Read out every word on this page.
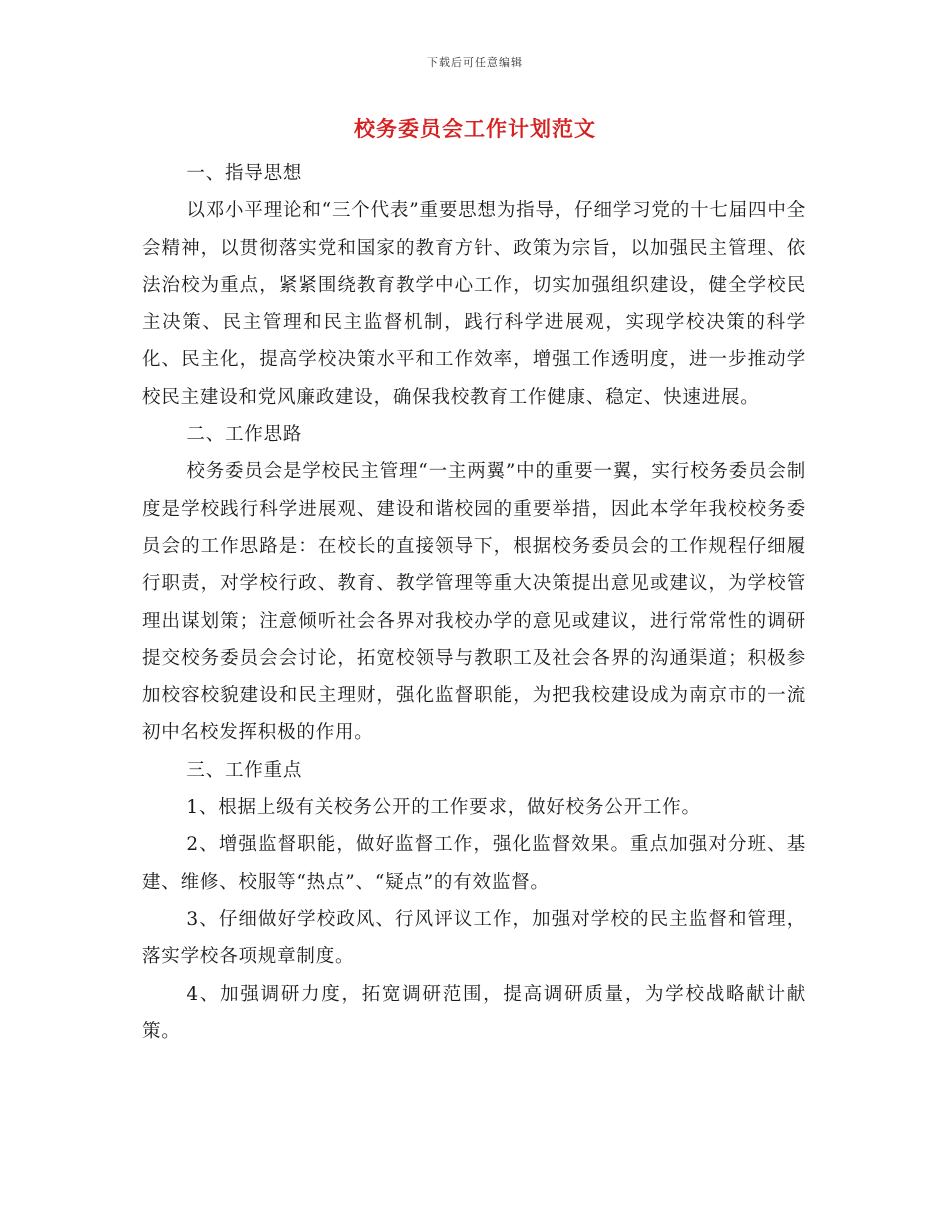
下载后可任意编辑
校务委员会工作计划范文

一、指导思想

以邓小平理论和“三个代表”重要思想为指导，仔细学习党的十七届四中全会精神，以贯彻落实党和国家的教育方针、政策为宗旨，以加强民主管理、依法治校为重点，紧紧围绕教育教学中心工作，切实加强组织建设，健全学校民主决策、民主管理和民主监督机制，践行科学进展观，实现学校决策的科学化、民主化，提高学校决策水平和工作效率，增强工作透明度，进一步推动学校民主建设和党风廉政建设，确保我校教育工作健康、稳定、快速进展。

二、工作思路

校务委员会是学校民主管理“一主两翼”中的重要一翼，实行校务委员会制度是学校践行科学进展观、建设和谐校园的重要举措，因此本学年我校校务委员会的工作思路是：在校长的直接领导下，根据校务委员会的工作规程仔细履行职责，对学校行政、教育、教学管理等重大决策提出意见或建议，为学校管理出谋划策；注意倾听社会各界对我校办学的意见或建议，进行常常性的调研提交校务委员会会讨论，拓宽校领导与教职工及社会各界的沟通渠道；积极参加校容校貌建设和民主理财，强化监督职能，为把我校建设成为南京市的一流初中名校发挥积极的作用。

三、工作重点

1、根据上级有关校务公开的工作要求，做好校务公开工作。

2、增强监督职能，做好监督工作，强化监督效果。重点加强对分班、基建、维修、校服等“热点”、“疑点”的有效监督。

3、仔细做好学校政风、行风评议工作，加强对学校的民主监督和管理，落实学校各项规章制度。

4、加强调研力度，拓宽调研范围，提高调研质量，为学校战略献计献策。
